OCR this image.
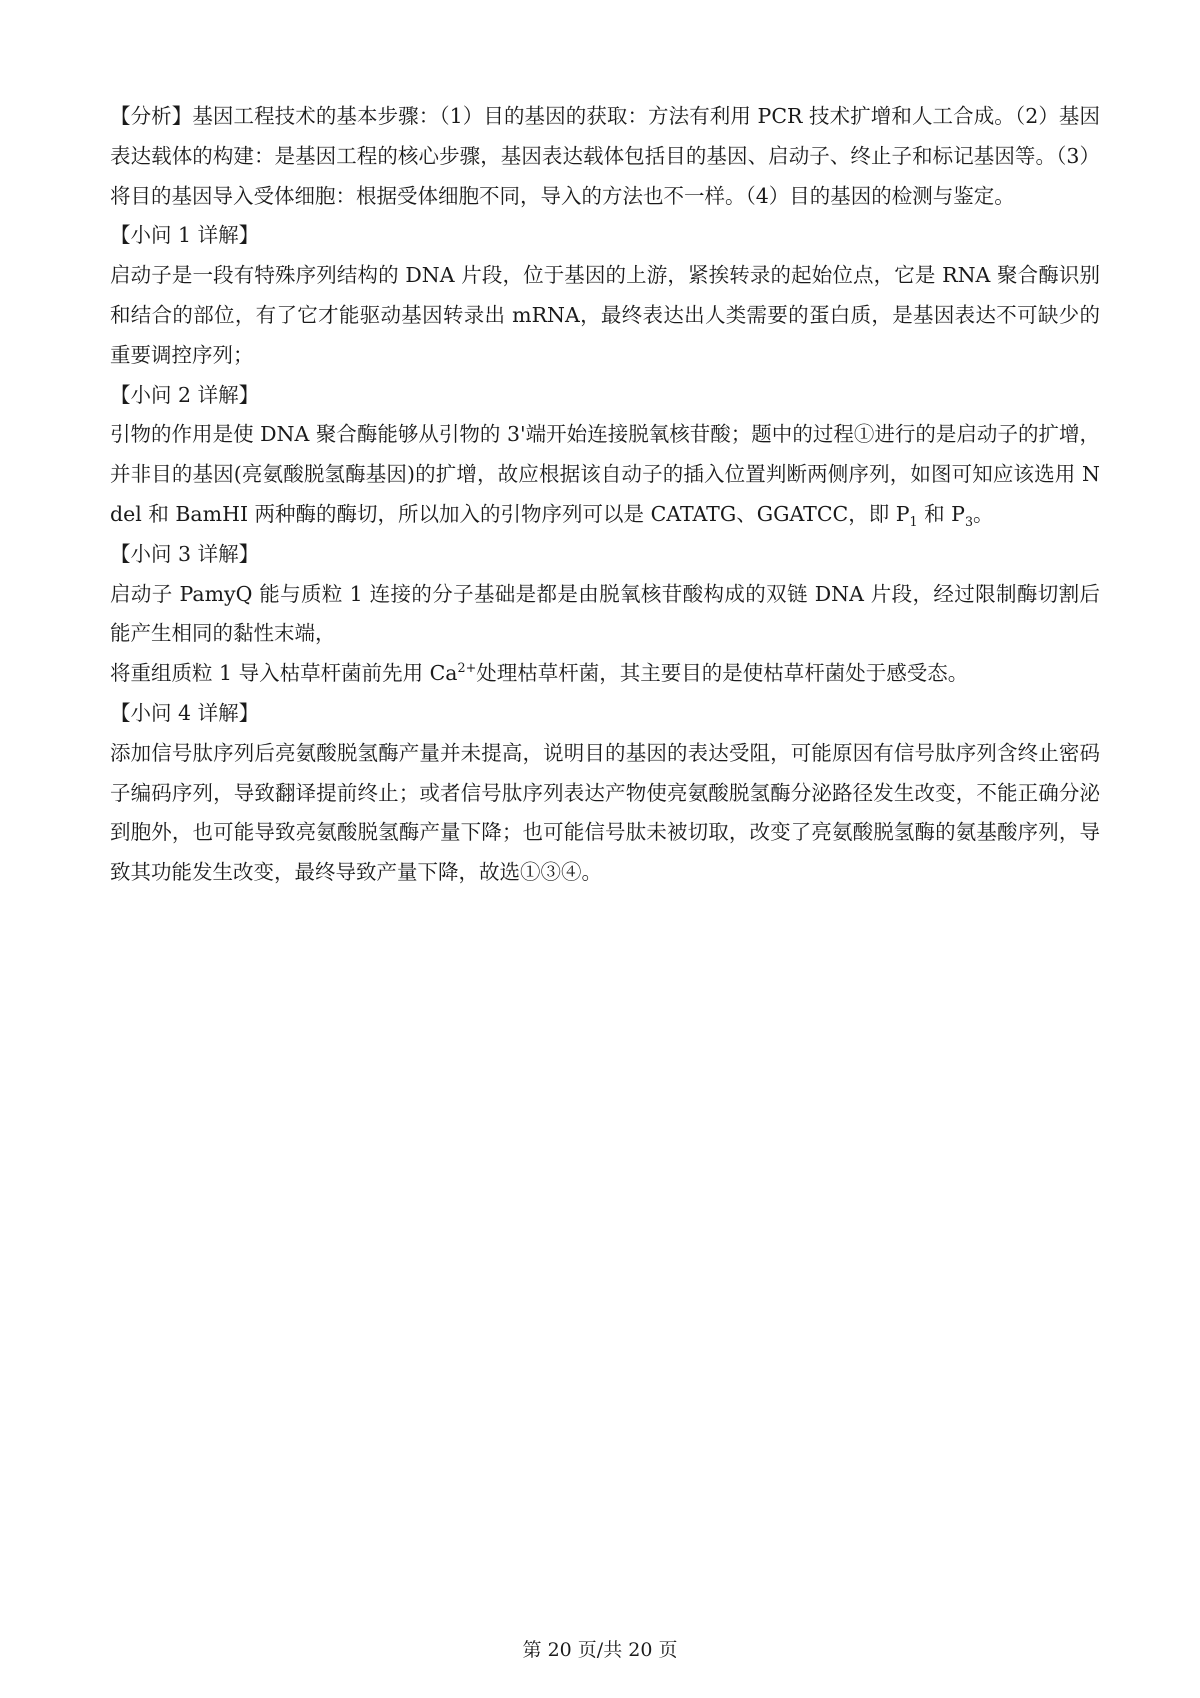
【分析】基因工程技术的基本步骤：（1）目的基因的获取：方法有利用 PCR 技术扩增和人工合成。（2）基因表达载体的构建：是基因工程的核心步骤，基因表达载体包括目的基因、启动子、终止子和标记基因等。（3）将目的基因导入受体细胞：根据受体细胞不同，导入的方法也不一样。（4）目的基因的检测与鉴定。

【小问 1 详解】

启动子是一段有特殊序列结构的 DNA 片段，位于基因的上游，紧挨转录的起始位点，它是 RNA 聚合酶识别和结合的部位，有了它才能驱动基因转录出 mRNA，最终表达出人类需要的蛋白质，是基因表达不可缺少的重要调控序列；

【小问 2 详解】

引物的作用是使 DNA 聚合酶能够从引物的 3'端开始连接脱氧核苷酸；题中的过程①进行的是启动子的扩增，并非目的基因(亮氨酸脱氢酶基因)的扩增，故应根据该自动子的插入位置判断两侧序列，如图可知应该选用 Ndel 和 BamHI 两种酶的酶切，所以加入的引物序列可以是 CATATG、GGATCC，即 $P_1$ 和 $P_3$。

【小问 3 详解】

启动子 PamyQ 能与质粒 1 连接的分子基础是都是由脱氧核苷酸构成的双链 DNA 片段，经过限制酶切割后能产生相同的黏性末端，

将重组质粒 1 导入枯草杆菌前先用 $Ca^{2+}$处理枯草杆菌，其主要目的是使枯草杆菌处于感受态。

【小问 4 详解】

添加信号肽序列后亮氨酸脱氢酶产量并未提高，说明目的基因的表达受阻，可能原因有信号肽序列含终止密码子编码序列，导致翻译提前终止；或者信号肽序列表达产物使亮氨酸脱氢酶分泌路径发生改变，不能正确分泌到胞外，也可能导致亮氨酸脱氢酶产量下降；也可能信号肽未被切取，改变了亮氨酸脱氢酶的氨基酸序列，导致其功能发生改变，最终导致产量下降，故选①③④。

第 20 页/共 20 页
